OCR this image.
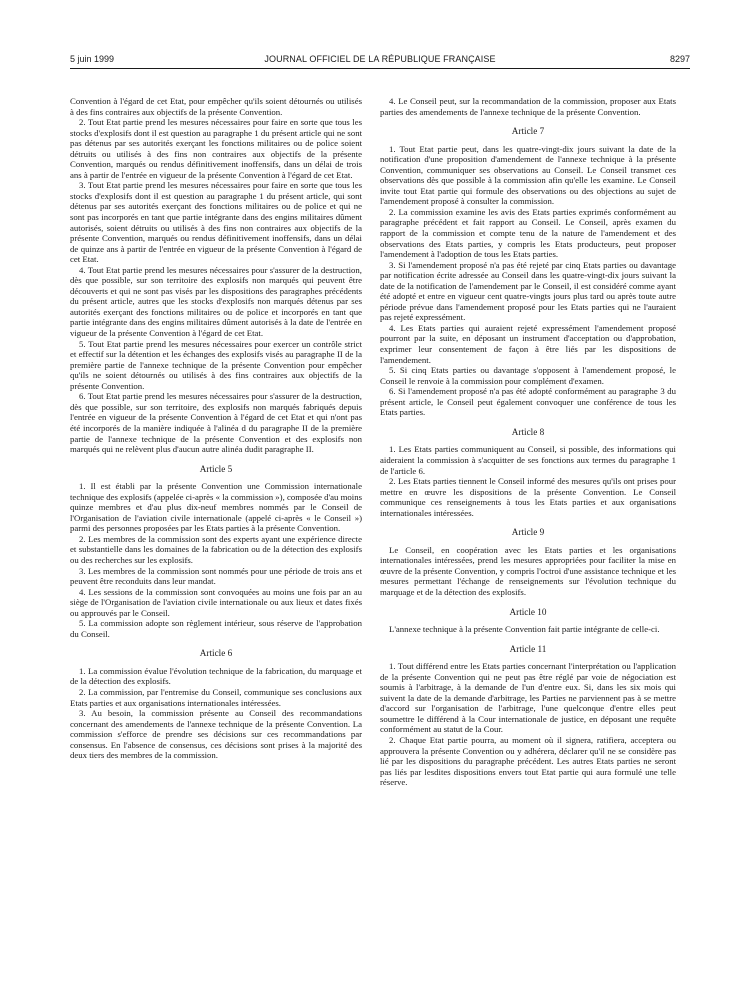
5 juin 1999	JOURNAL OFFICIEL DE LA RÉPUBLIQUE FRANÇAISE	8297

Convention à l'égard de cet Etat, pour empêcher qu'ils soient détournés ou utilisés à des fins contraires aux objectifs de la présente Convention.

2. Tout Etat partie prend les mesures nécessaires pour faire en sorte que tous les stocks d'explosifs dont il est question au paragraphe 1 du présent article qui ne sont pas détenus par ses autorités exerçant les fonctions militaires ou de police soient détruits ou utilisés à des fins non contraires aux objectifs de la présente Convention, marqués ou rendus définitivement inoffensifs, dans un délai de trois ans à partir de l'entrée en vigueur de la présente Convention à l'égard de cet Etat.

3. Tout Etat partie prend les mesures nécessaires pour faire en sorte que tous les stocks d'explosifs dont il est question au paragraphe 1 du présent article, qui sont détenus par ses autorités exerçant des fonctions militaires ou de police et qui ne sont pas incorporés en tant que partie intégrante dans des engins militaires dûment autorisés, soient détruits ou utilisés à des fins non contraires aux objectifs de la présente Convention, marqués ou rendus définitivement inoffensifs, dans un délai de quinze ans à partir de l'entrée en vigueur de la présente Convention à l'égard de cet Etat.

4. Tout Etat partie prend les mesures nécessaires pour s'assurer de la destruction, dès que possible, sur son territoire des explosifs non marqués qui peuvent être découverts et qui ne sont pas visés par les dispositions des paragraphes précédents du présent article, autres que les stocks d'explosifs non marqués détenus par ses autorités exerçant des fonctions militaires ou de police et incorporés en tant que partie intégrante dans des engins militaires dûment autorisés à la date de l'entrée en vigueur de la présente Convention à l'égard de cet Etat.

5. Tout Etat partie prend les mesures nécessaires pour exercer un contrôle strict et effectif sur la détention et les échanges des explosifs visés au paragraphe II de la première partie de l'annexe technique de la présente Convention pour empêcher qu'ils ne soient détournés ou utilisés à des fins contraires aux objectifs de la présente Convention.

6. Tout Etat partie prend les mesures nécessaires pour s'assurer de la destruction, dès que possible, sur son territoire, des explosifs non marqués fabriqués depuis l'entrée en vigueur de la présente Convention à l'égard de cet Etat et qui n'ont pas été incorporés de la manière indiquée à l'alinéa d du paragraphe II de la première partie de l'annexe technique de la présente Convention et des explosifs non marqués qui ne relèvent plus d'aucun autre alinéa dudit paragraphe II.

Article 5

1. Il est établi par la présente Convention une Commission internationale technique des explosifs (appelée ci-après « la commission »), composée d'au moins quinze membres et d'au plus dix-neuf membres nommés par le Conseil de l'Organisation de l'aviation civile internationale (appelé ci-après « le Conseil ») parmi des personnes proposées par les Etats parties à la présente Convention.

2. Les membres de la commission sont des experts ayant une expérience directe et substantielle dans les domaines de la fabrication ou de la détection des explosifs ou des recherches sur les explosifs.

3. Les membres de la commission sont nommés pour une période de trois ans et peuvent être reconduits dans leur mandat.

4. Les sessions de la commission sont convoquées au moins une fois par an au siège de l'Organisation de l'aviation civile internationale ou aux lieux et dates fixés ou approuvés par le Conseil.

5. La commission adopte son règlement intérieur, sous réserve de l'approbation du Conseil.

Article 6

1. La commission évalue l'évolution technique de la fabrication, du marquage et de la détection des explosifs.

2. La commission, par l'entremise du Conseil, communique ses conclusions aux Etats parties et aux organisations internationales intéressées.

3. Au besoin, la commission présente au Conseil des recommandations concernant des amendements de l'annexe technique de la présente Convention. La commission s'efforce de prendre ses décisions sur ces recommandations par consensus. En l'absence de consensus, ces décisions sont prises à la majorité des deux tiers des membres de la commission.

4. Le Conseil peut, sur la recommandation de la commission, proposer aux Etats parties des amendements de l'annexe technique de la présente Convention.

Article 7

1. Tout Etat partie peut, dans les quatre-vingt-dix jours suivant la date de la notification d'une proposition d'amendement de l'annexe technique à la présente Convention, communiquer ses observations au Conseil. Le Conseil transmet ces observations dès que possible à la commission afin qu'elle les examine. Le Conseil invite tout Etat partie qui formule des observations ou des objections au sujet de l'amendement proposé à consulter la commission.

2. La commission examine les avis des Etats parties exprimés conformément au paragraphe précédent et fait rapport au Conseil. Le Conseil, après examen du rapport de la commission et compte tenu de la nature de l'amendement et des observations des Etats parties, y compris les Etats producteurs, peut proposer l'amendement à l'adoption de tous les Etats parties.

3. Si l'amendement proposé n'a pas été rejeté par cinq Etats parties ou davantage par notification écrite adressée au Conseil dans les quatre-vingt-dix jours suivant la date de la notification de l'amendement par le Conseil, il est considéré comme ayant été adopté et entre en vigueur cent quatre-vingts jours plus tard ou après toute autre période prévue dans l'amendement proposé pour les Etats parties qui ne l'auraient pas rejeté expressément.

4. Les Etats parties qui auraient rejeté expressément l'amendement proposé pourront par la suite, en déposant un instrument d'acceptation ou d'approbation, exprimer leur consentement de façon à être liés par les dispositions de l'amendement.

5. Si cinq Etats parties ou davantage s'opposent à l'amendement proposé, le Conseil le renvoie à la commission pour complément d'examen.

6. Si l'amendement proposé n'a pas été adopté conformément au paragraphe 3 du présent article, le Conseil peut également convoquer une conférence de tous les Etats parties.

Article 8

1. Les Etats parties communiquent au Conseil, si possible, des informations qui aideraient la commission à s'acquitter de ses fonctions aux termes du paragraphe 1 de l'article 6.

2. Les Etats parties tiennent le Conseil informé des mesures qu'ils ont prises pour mettre en œuvre les dispositions de la présente Convention. Le Conseil communique ces renseignements à tous les Etats parties et aux organisations internationales intéressées.

Article 9

Le Conseil, en coopération avec les Etats parties et les organisations internationales intéressées, prend les mesures appropriées pour faciliter la mise en œuvre de la présente Convention, y compris l'octroi d'une assistance technique et les mesures permettant l'échange de renseignements sur l'évolution technique du marquage et de la détection des explosifs.

Article 10

L'annexe technique à la présente Convention fait partie intégrante de celle-ci.

Article 11

1. Tout différend entre les Etats parties concernant l'interprétation ou l'application de la présente Convention qui ne peut pas être réglé par voie de négociation est soumis à l'arbitrage, à la demande de l'un d'entre eux. Si, dans les six mois qui suivent la date de la demande d'arbitrage, les Parties ne parviennent pas à se mettre d'accord sur l'organisation de l'arbitrage, l'une quelconque d'entre elles peut soumettre le différend à la Cour internationale de justice, en déposant une requête conformément au statut de la Cour.

2. Chaque Etat partie pourra, au moment où il signera, ratifiera, acceptera ou approuvera la présente Convention ou y adhérera, déclarer qu'il ne se considère pas lié par les dispositions du paragraphe précédent. Les autres Etats parties ne seront pas liés par lesdites dispositions envers tout Etat partie qui aura formulé une telle réserve.
